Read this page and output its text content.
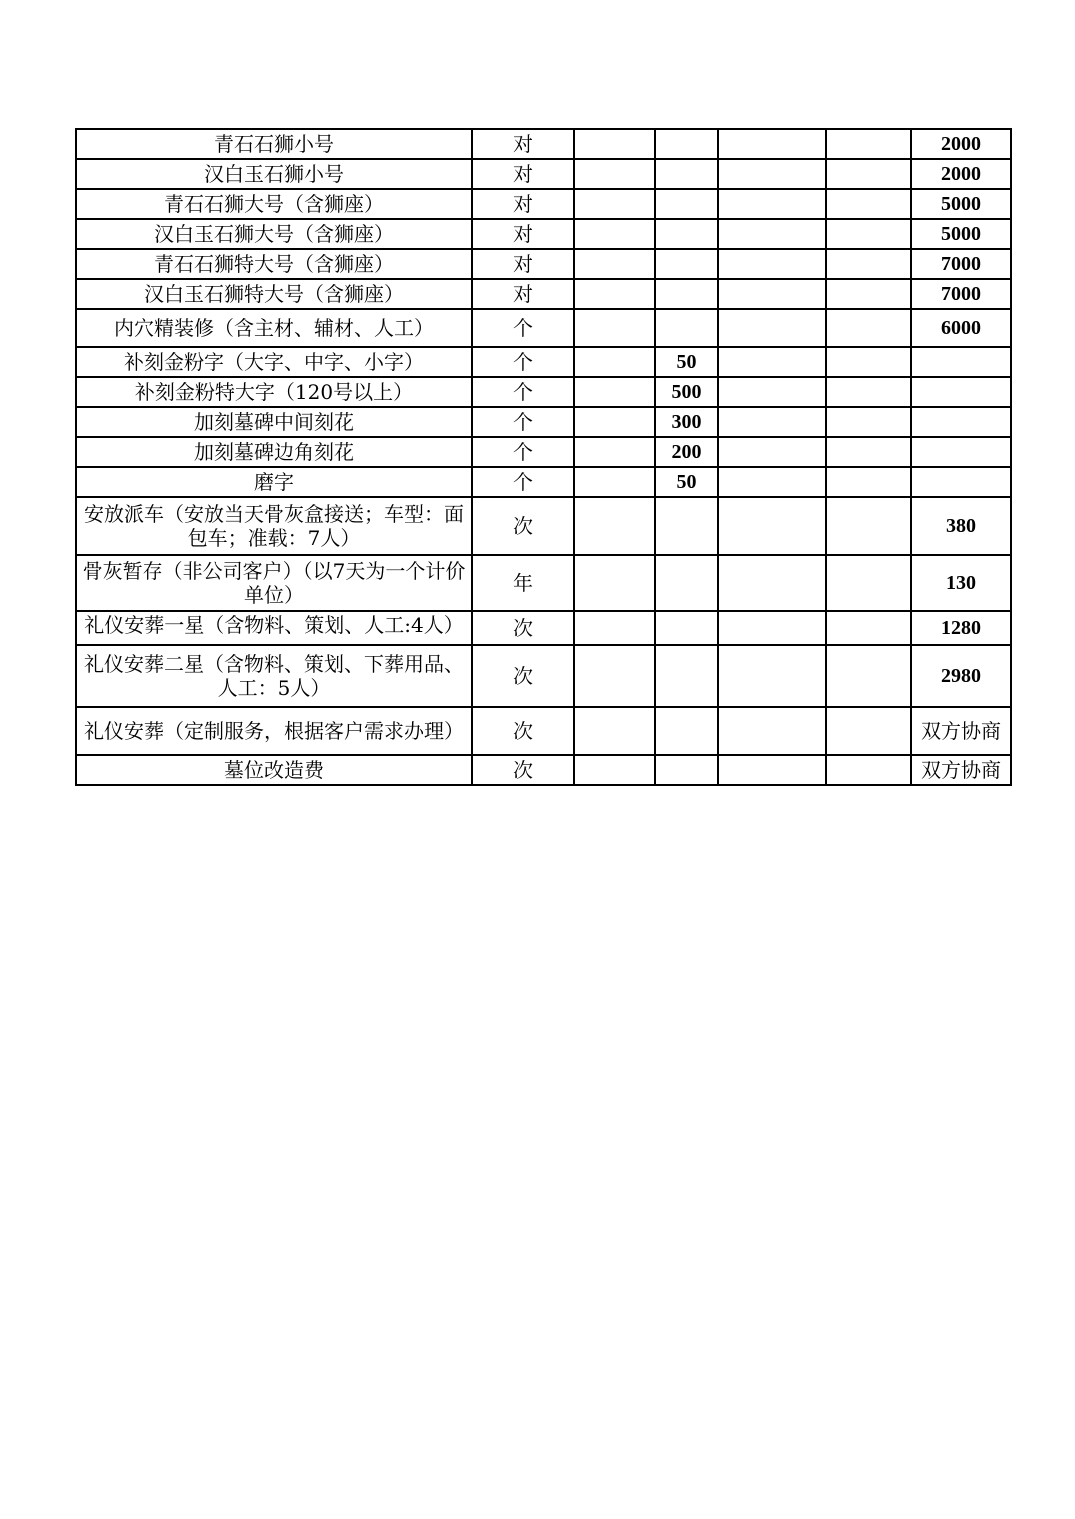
青石石狮小号	对					2000
汉白玉石狮小号	对					2000
青石石狮大号（含狮座）	对					5000
汉白玉石狮大号（含狮座）	对					5000
青石石狮特大号（含狮座）	对					7000
汉白玉石狮特大号（含狮座）	对					7000
内穴精装修（含主材、辅材、人工）	个					6000
补刻金粉字（大字、中字、小字）	个		50			
补刻金粉特大字（120号以上）	个		500			
加刻墓碑中间刻花	个		300			
加刻墓碑边角刻花	个		200			
磨字	个		50			
安放派车（安放当天骨灰盒接送；车型：面包车；准载：7人）	次					380
骨灰暂存（非公司客户）（以7天为一个计价单位）	年					130

礼仪安葬一星（含物料、策划、人工:4人）	次					1280
礼仪安葬二星（含物料、策划、下葬用品、人工：5人）	次					2980
礼仪安葬（定制服务，根据客户需求办理）	次					双方协商
墓位改造费	次					双方协商
